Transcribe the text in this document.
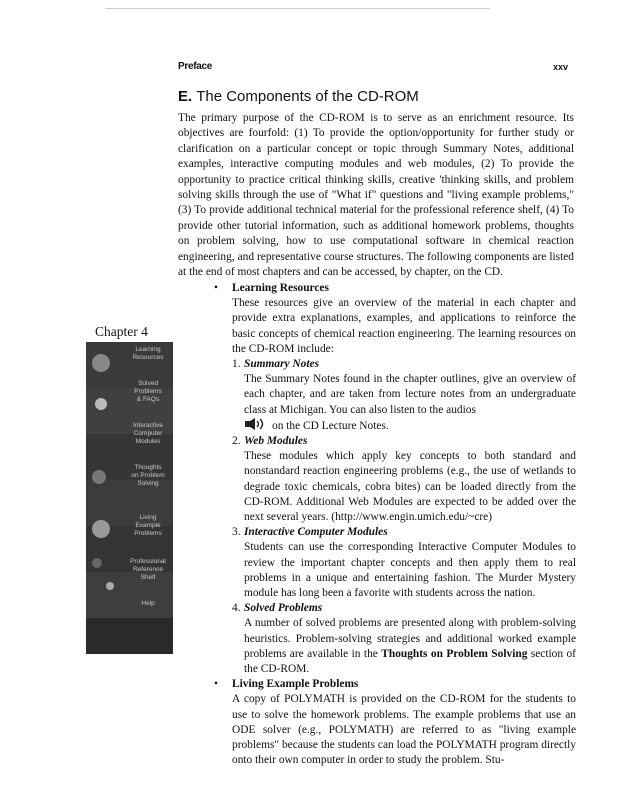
Preface	xxv
E. The Components of the CD-ROM
The primary purpose of the CD-ROM is to serve as an enrichment resource. Its objectives are fourfold: (1) To provide the option/opportunity for further study or clarification on a particular concept or topic through Summary Notes, additional examples, interactive computing modules and web modules, (2) To provide the opportunity to practice critical thinking skills, creative 'thinking skills, and problem solving skills through the use of "What if" questions and "living example problems," (3) To provide additional technical material for the professional reference shelf, (4) To provide other tutorial information, such as additional homework problems, thoughts on problem solving, how to use computational software in chemical reaction engineering, and representative course structures. The following components are listed at the end of most chapters and can be accessed, by chapter, on the CD.
Chapter 4
Learning
Resources
Solved
Problems
& FAQs
Interactive
Computer
Modules
Thoughts
on Problem
Solving
Living
Example
Problems
Professional
Reference
Shelf
Help
• Learning Resources
These resources give an overview of the material in each chapter and provide extra explanations, examples, and applications to reinforce the basic concepts of chemical reaction engineering. The learning resources on the CD-ROM include:
1. Summary Notes
The Summary Notes found in the chapter outlines, give an overview of each chapter, and are taken from lecture notes from an undergraduate class at Michigan. You can also listen to the audios
on the CD Lecture Notes.
2. Web Modules
These modules which apply key concepts to both standard and nonstandard reaction engineering problems (e.g., the use of wetlands to degrade toxic chemicals, cobra bites) can be loaded directly from the CD-ROM. Additional Web Modules are expected to be added over the next several years. (http://www.engin.umich.edu/~cre)
3. Interactive Computer Modules
Students can use the corresponding Interactive Computer Modules to review the important chapter concepts and then apply them to real problems in a unique and entertaining fashion. The Murder Mystery module has long been a favorite with students across the nation.
4. Solved Problems
A number of solved problems are presented along with problem-solving heuristics. Problem-solving strategies and additional worked example problems are available in the Thoughts on Problem Solving section of the CD-ROM.
• Living Example Problems
A copy of POLYMATH is provided on the CD-ROM for the students to use to solve the homework problems. The example problems that use an ODE solver (e.g., POLYMATH) are referred to as "living example problems" because the students can load the POLYMATH program directly onto their own computer in order to study the problem. Stu-
